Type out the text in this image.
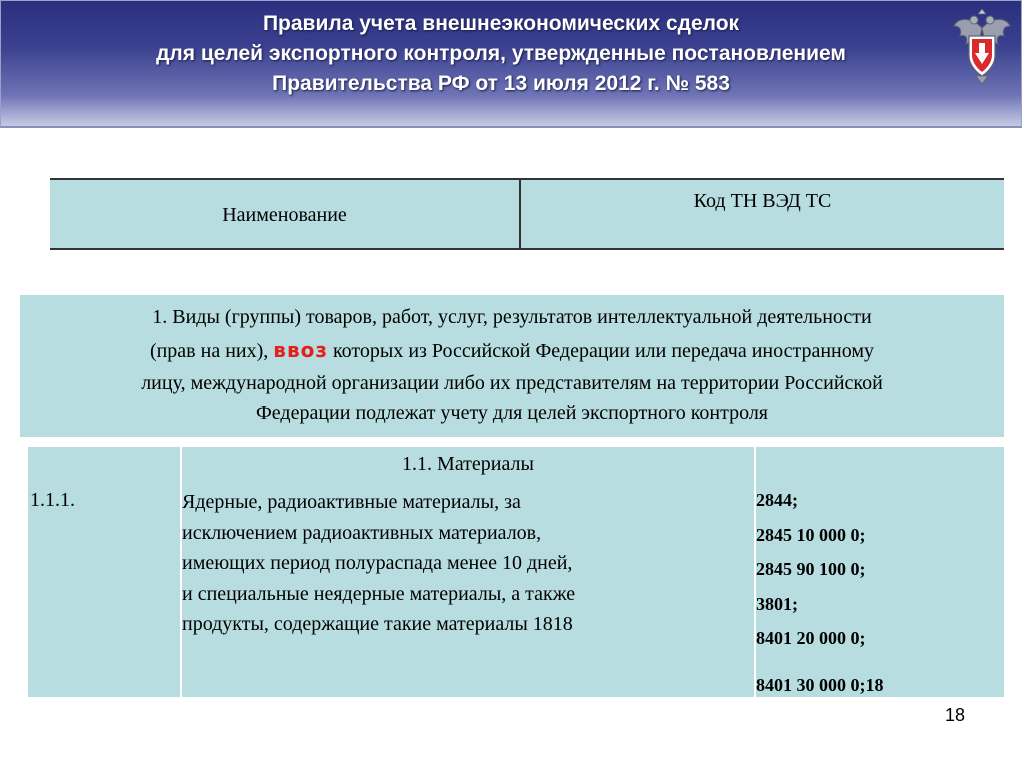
Правила учета внешнеэкономических сделок
для целей экспортного контроля, утвержденные постановлением
Правительства РФ от 13 июля 2012 г. № 583
Наименование
Код ТН ВЭД ТС
1. Виды (группы) товаров, работ, услуг, результатов интеллектуальной деятельности
(прав на них), ввоз которых из Российской Федерации или передача иностранному
лицу, международной организации либо их представителям на территории Российской
Федерации подлежат учету для целей экспортного контроля
1.1.1.
1.1. Материалы
Ядерные, радиоактивные материалы, за
исключением радиоактивных материалов,
имеющих период полураспада менее 10 дней,
и специальные неядерные материалы, а также
продукты, содержащие такие материалы 1818
2844;
2845 10 000 0;
2845 90 100 0;
3801;
8401 20 000 0;
8401 30 000 0;18
18
